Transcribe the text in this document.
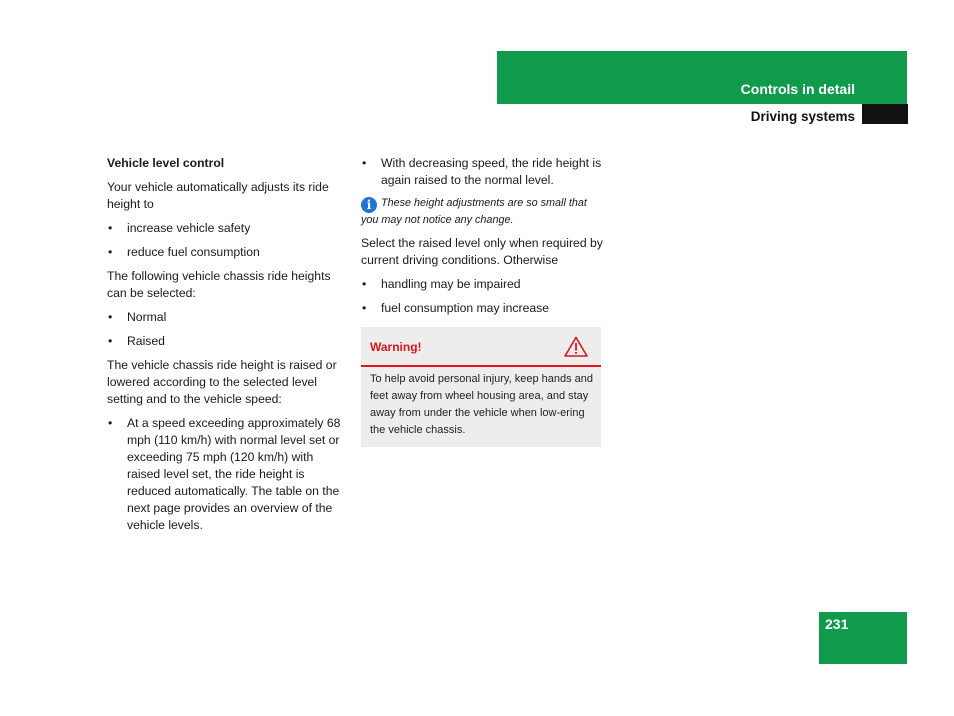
Controls in detail
Driving systems

Vehicle level control

Your vehicle automatically adjusts its ride height to

• increase vehicle safety
• reduce fuel consumption

The following vehicle chassis ride heights can be selected:

• Normal
• Raised

The vehicle chassis ride height is raised or lowered according to the selected level setting and to the vehicle speed:

• At a speed exceeding approximately 68 mph (110 km/h) with normal level set or exceeding 75 mph (120 km/h) with raised level set, the ride height is reduced automatically. The table on the next page provides an overview of the vehicle levels.
• With decreasing speed, the ride height is again raised to the normal level.

i These height adjustments are so small that you may not notice any change.

Select the raised level only when required by current driving conditions. Otherwise

• handling may be impaired
• fuel consumption may increase
Warning!
To help avoid personal injury, keep hands and feet away from wheel housing area, and stay away from under the vehicle when low-ering the vehicle chassis.
231
